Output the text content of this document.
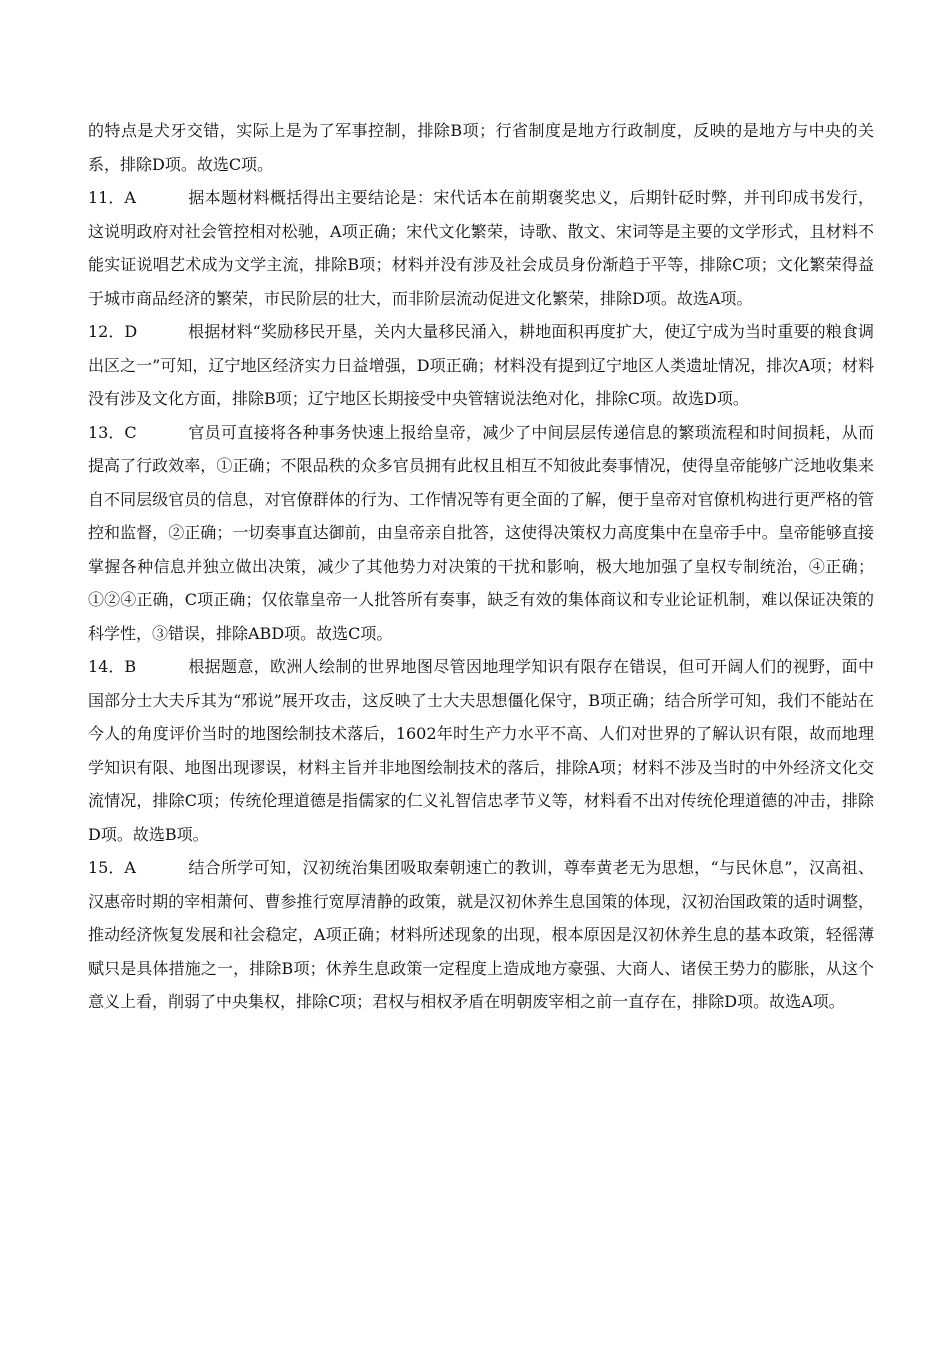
的特点是犬牙交错，实际上是为了军事控制，排除B项；行省制度是地方行政制度，反映的是地方与中央的关系，排除D项。故选C项。

11．A	据本题材料概括得出主要结论是：宋代话本在前期褒奖忠义，后期针砭时弊，并刊印成书发行，这说明政府对社会管控相对松驰，A项正确；宋代文化繁荣，诗歌、散文、宋词等是主要的文学形式，且材料不能实证说唱艺术成为文学主流，排除B项；材料并没有涉及社会成员身份渐趋于平等，排除C项；文化繁荣得益于城市商品经济的繁荣，市民阶层的壮大，而非阶层流动促进文化繁荣，排除D项。故选A项。

12．D	根据材料“奖励移民开垦，关内大量移民涌入，耕地面积再度扩大，使辽宁成为当时重要的粮食调出区之一”可知，辽宁地区经济实力日益增强，D项正确；材料没有提到辽宁地区人类遗址情况，排次A项；材料没有涉及文化方面，排除B项；辽宁地区长期接受中央管辖说法绝对化，排除C项。故选D项。

13．C	官员可直接将各种事务快速上报给皇帝，减少了中间层层传递信息的繁琐流程和时间损耗，从而提高了行政效率，①正确；不限品秩的众多官员拥有此权且相互不知彼此奏事情况，使得皇帝能够广泛地收集来自不同层级官员的信息，对官僚群体的行为、工作情况等有更全面的了解，便于皇帝对官僚机构进行更严格的管控和监督，②正确；一切奏事直达御前，由皇帝亲自批答，这使得决策权力高度集中在皇帝手中。皇帝能够直接掌握各种信息并独立做出决策，减少了其他势力对决策的干扰和影响，极大地加强了皇权专制统治，④正确；①②④正确，C项正确；仅依靠皇帝一人批答所有奏事，缺乏有效的集体商议和专业论证机制，难以保证决策的科学性，③错误，排除ABD项。故选C项。

14．B	根据题意，欧洲人绘制的世界地图尽管因地理学知识有限存在错误，但可开阔人们的视野，面中国部分士大夫斥其为“邪说”展开攻击，这反映了士大夫思想僵化保守，B项正确；结合所学可知，我们不能站在今人的角度评价当时的地图绘制技术落后，1602年时生产力水平不高、人们对世界的了解认识有限，故而地理学知识有限、地图出现谬误，材料主旨并非地图绘制技术的落后，排除A项；材料不涉及当时的中外经济文化交流情况，排除C项；传统伦理道德是指儒家的仁义礼智信忠孝节义等，材料看不出对传统伦理道德的冲击，排除D项。故选B项。

15．A	结合所学可知，汉初统治集团吸取秦朝速亡的教训，尊奉黄老无为思想，“与民休息”，汉高祖、汉惠帝时期的宰相萧何、曹参推行宽厚清静的政策，就是汉初休养生息国策的体现，汉初治国政策的适时调整，推动经济恢复发展和社会稳定，A项正确；材料所述现象的出现，根本原因是汉初休养生息的基本政策，轻徭薄赋只是具体措施之一，排除B项；休养生息政策一定程度上造成地方豪强、大商人、诸侯王势力的膨胀，从这个意义上看，削弱了中央集权，排除C项；君权与相权矛盾在明朝废宰相之前一直存在，排除D项。故选A项。
